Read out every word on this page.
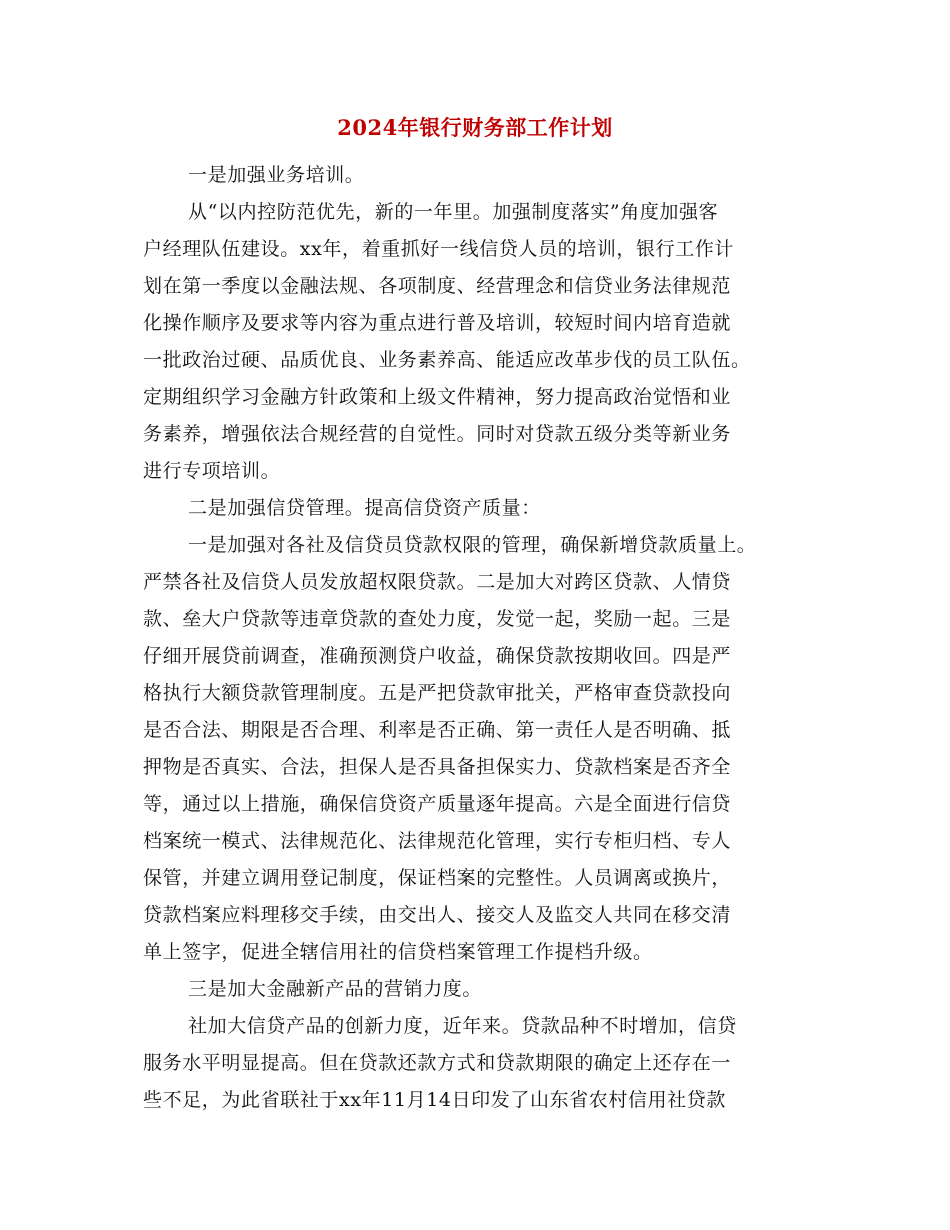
2024年银行财务部工作计划
一是加强业务培训。
从“以内控防范优先，新的一年里。加强制度落实”角度加强客
户经理队伍建设。xx年，着重抓好一线信贷人员的培训，银行工作计
划在第一季度以金融法规、各项制度、经营理念和信贷业务法律规范
化操作顺序及要求等内容为重点进行普及培训，较短时间内培育造就
一批政治过硬、品质优良、业务素养高、能适应改革步伐的员工队伍。
定期组织学习金融方针政策和上级文件精神，努力提高政治觉悟和业
务素养，增强依法合规经营的自觉性。同时对贷款五级分类等新业务
进行专项培训。
二是加强信贷管理。提高信贷资产质量：
一是加强对各社及信贷员贷款权限的管理，确保新增贷款质量上。
严禁各社及信贷人员发放超权限贷款。二是加大对跨区贷款、人情贷
款、垒大户贷款等违章贷款的查处力度，发觉一起，奖励一起。三是
仔细开展贷前调查，准确预测贷户收益，确保贷款按期收回。四是严
格执行大额贷款管理制度。五是严把贷款审批关，严格审查贷款投向
是否合法、期限是否合理、利率是否正确、第一责任人是否明确、抵
押物是否真实、合法，担保人是否具备担保实力、贷款档案是否齐全
等，通过以上措施，确保信贷资产质量逐年提高。六是全面进行信贷
档案统一模式、法律规范化、法律规范化管理，实行专柜归档、专人
保管，并建立调用登记制度，保证档案的完整性。人员调离或换片，
贷款档案应料理移交手续，由交出人、接交人及监交人共同在移交清
单上签字，促进全辖信用社的信贷档案管理工作提档升级。
三是加大金融新产品的营销力度。
社加大信贷产品的创新力度，近年来。贷款品种不时增加，信贷
服务水平明显提高。但在贷款还款方式和贷款期限的确定上还存在一
些不足，为此省联社于xx年11月14日印发了山东省农村信用社贷款
